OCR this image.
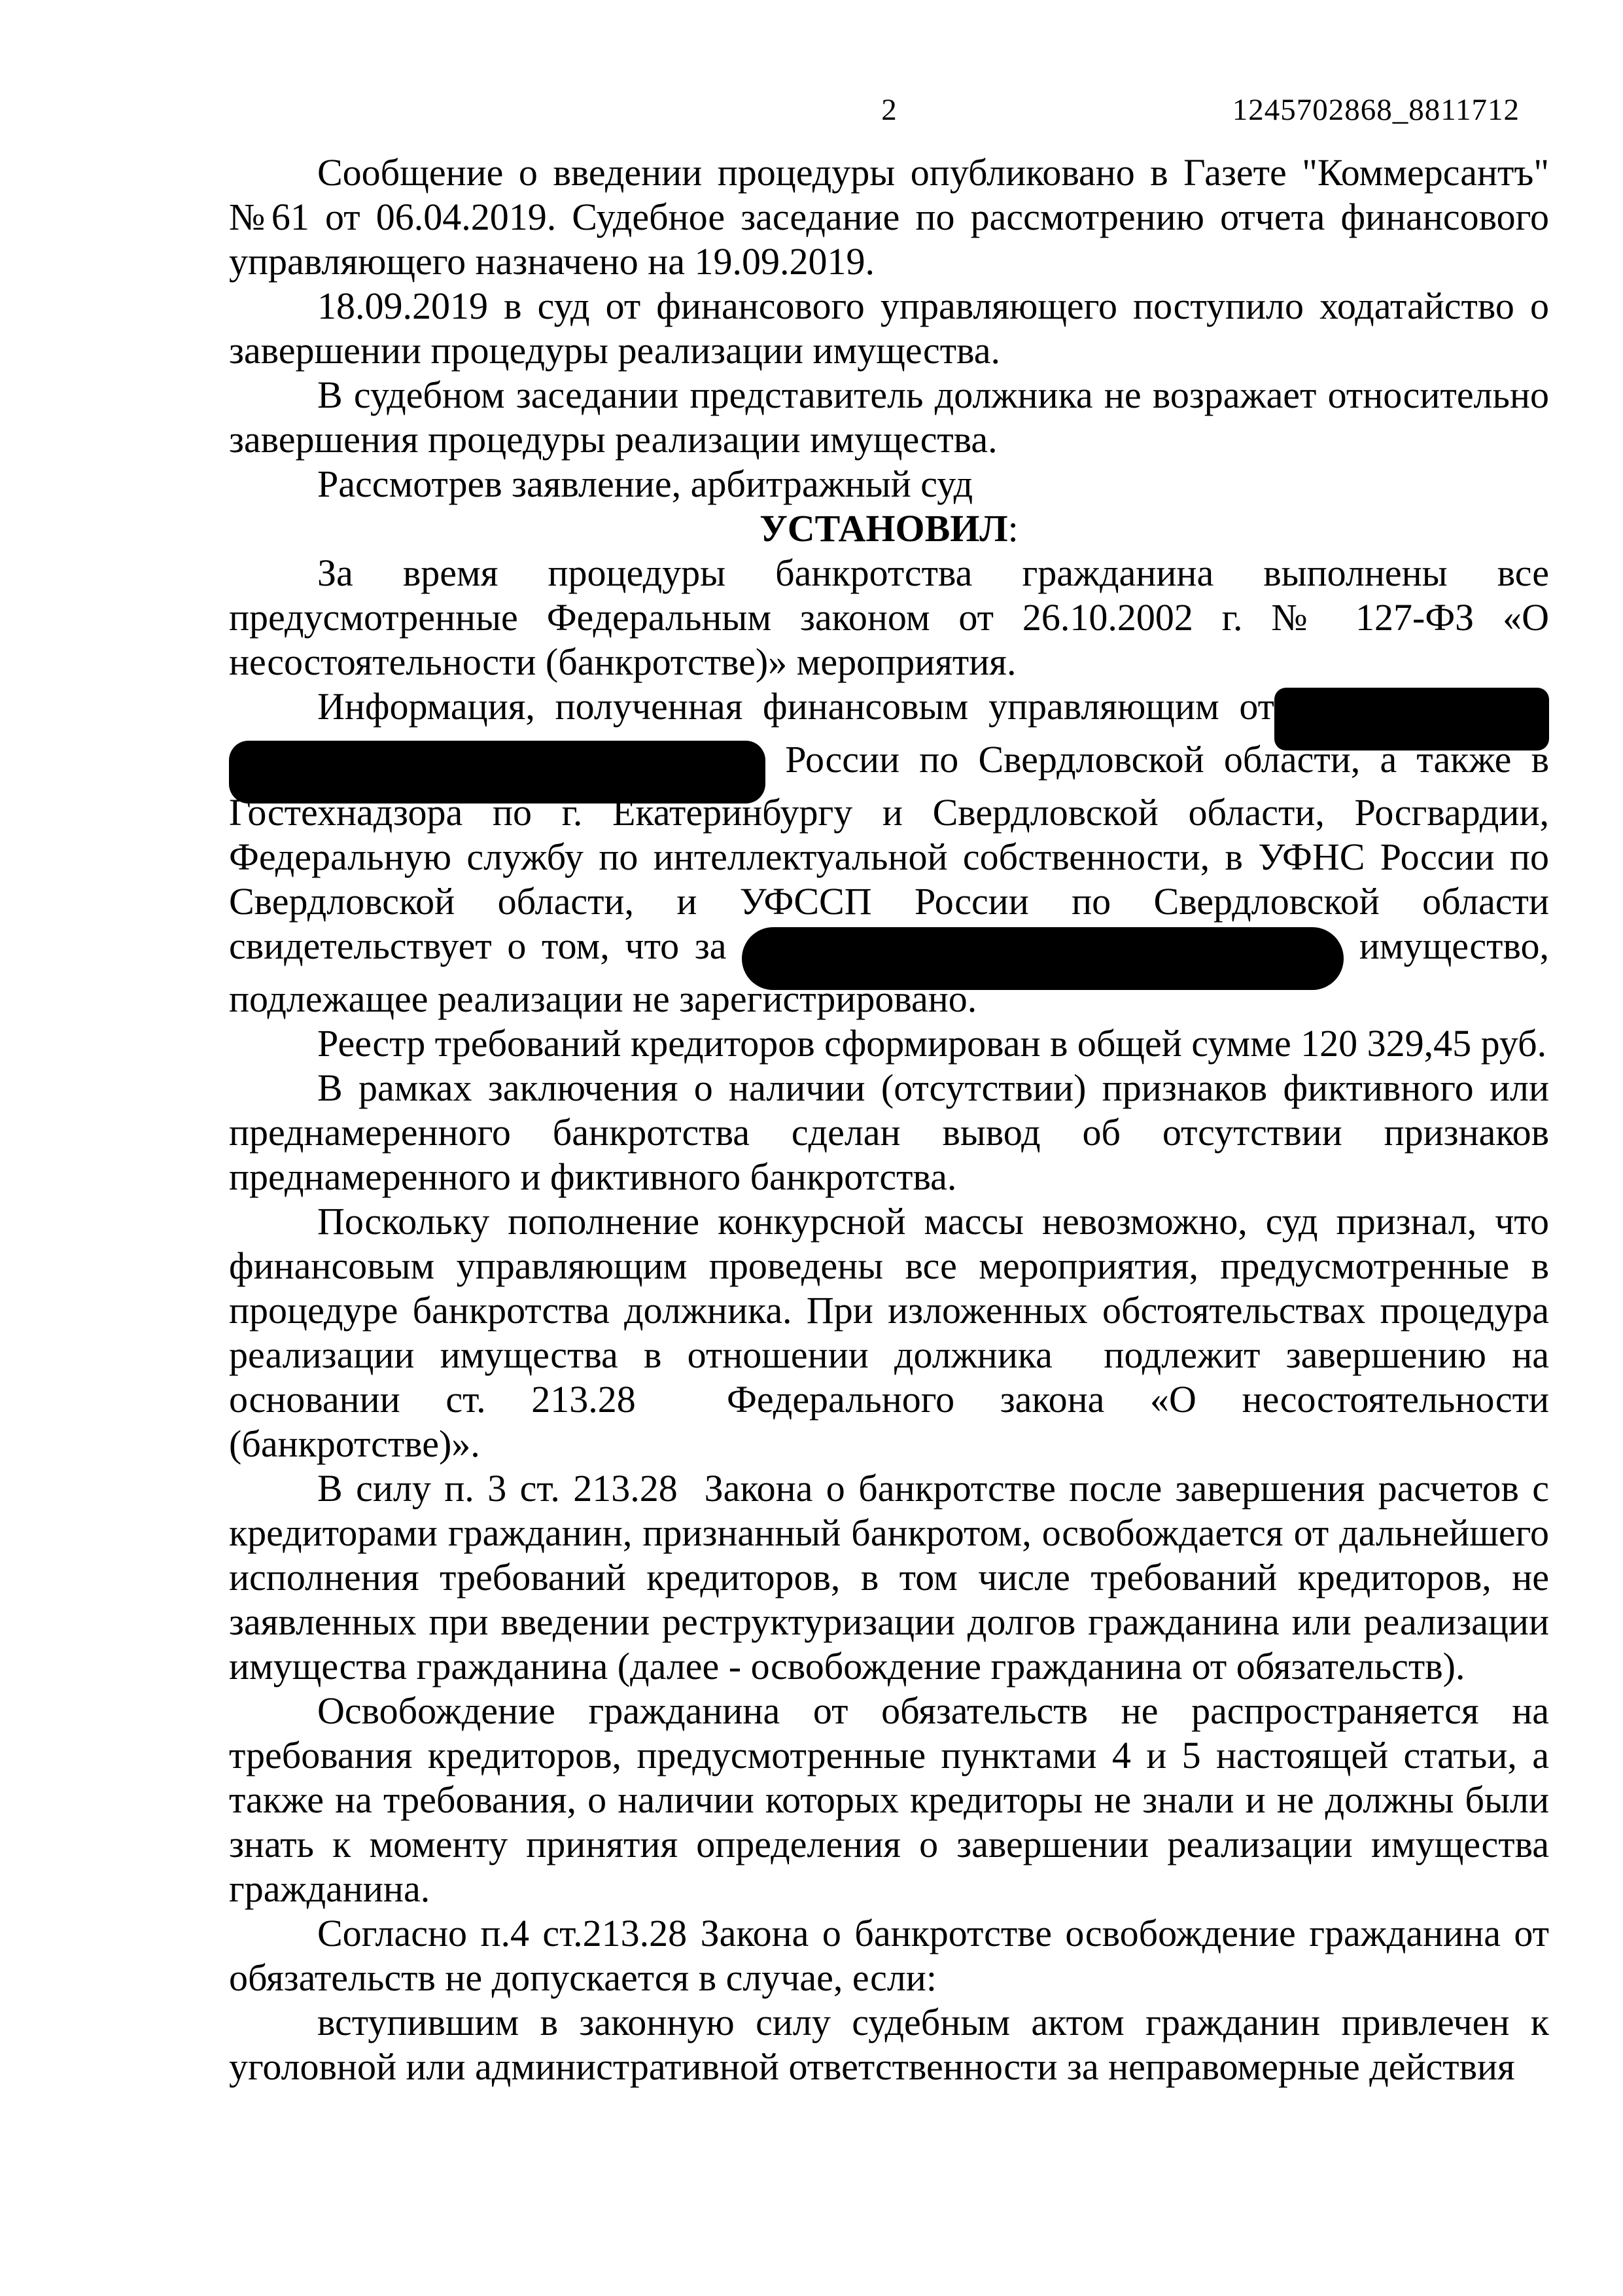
2	1245702868_8811712

Сообщение о введении процедуры опубликовано в Газете "Коммерсантъ" №61 от 06.04.2019. Судебное заседание по рассмотрению отчета финансового управляющего назначено на 19.09.2019.

18.09.2019 в суд от финансового управляющего поступило ходатайство о завершении процедуры реализации имущества.

В судебном заседании представитель должника не возражает относительно завершения процедуры реализации имущества.

Рассмотрев заявление, арбитражный суд

УСТАНОВИЛ:

За время процедуры банкротства гражданина выполнены все предусмотренные Федеральным законом от 26.10.2002 г. № 127-ФЗ «О несостоятельности (банкротстве)» мероприятия.

Информация, полученная финансовым управляющим от  России по Свердловской области, а также в Гостехнадзора по г. Екатеринбургу и Свердловской области, Росгвардии, Федеральную службу по интеллектуальной собственности, в УФНС России по Свердловской области, и УФССП России по Свердловской области свидетельствует о том, что за	имущество, подлежащее реализации не зарегистрировано.

Реестр требований кредиторов сформирован в общей сумме 120 329,45 руб.

В рамках заключения о наличии (отсутствии) признаков фиктивного или преднамеренного банкротства сделан вывод об отсутствии признаков преднамеренного и фиктивного банкротства.

Поскольку пополнение конкурсной массы невозможно, суд признал, что финансовым управляющим проведены все мероприятия, предусмотренные в процедуре банкротства должника. При изложенных обстоятельствах процедура реализации имущества в отношении должника  подлежит завершению на основании ст. 213.28  Федерального закона «О несостоятельности (банкротстве)».

В силу п. 3 ст. 213.28  Закона о банкротстве после завершения расчетов с кредиторами гражданин, признанный банкротом, освобождается от дальнейшего исполнения требований кредиторов, в том числе требований кредиторов, не заявленных при введении реструктуризации долгов гражданина или реализации имущества гражданина (далее - освобождение гражданина от обязательств).

Освобождение гражданина от обязательств не распространяется на требования кредиторов, предусмотренные пунктами 4 и 5 настоящей статьи, а также на требования, о наличии которых кредиторы не знали и не должны были знать к моменту принятия определения о завершении реализации имущества гражданина.

Согласно п.4 ст.213.28 Закона о банкротстве освобождение гражданина от обязательств не допускается в случае, если:

вступившим в законную силу судебным актом гражданин привлечен к уголовной или административной ответственности за неправомерные действия
